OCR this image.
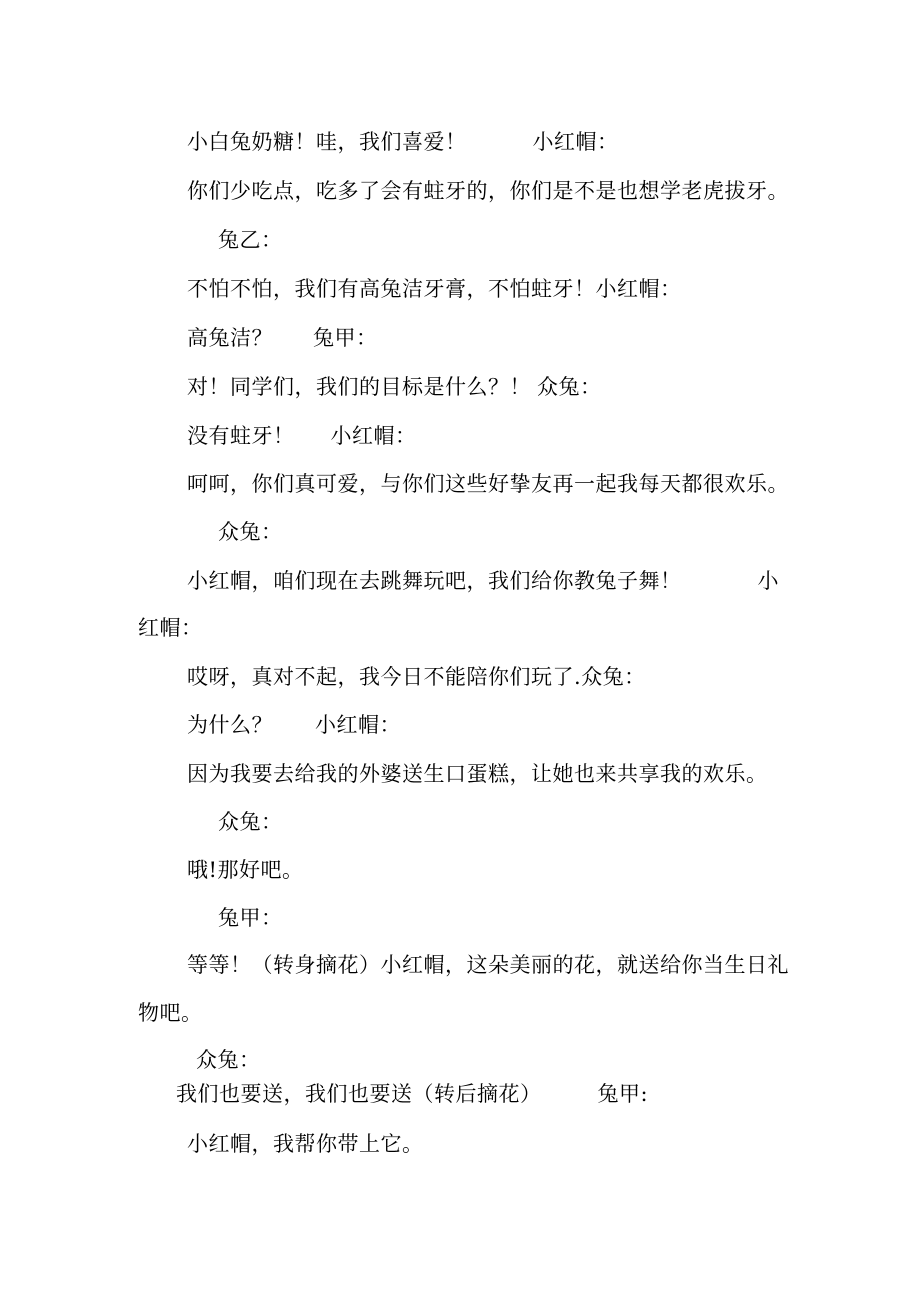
小白兔奶糖！哇，我们喜爱！	小红帽：
你们少吃点，吃多了会有蛀牙的，你们是不是也想学老虎拔牙。
兔乙：
不怕不怕，我们有高兔洁牙膏，不怕蛀牙！小红帽：
高兔洁？ 兔甲：
对！同学们，我们的目标是什么？！ 众兔：
没有蛀牙！ 小红帽：
呵呵，你们真可爱，与你们这些好挚友再一起我每天都很欢乐。
众兔：
小红帽，咱们现在去跳舞玩吧，我们给你教兔子舞！	小
红帽：
哎呀，真对不起，我今日不能陪你们玩了.众兔：
为什么？ 小红帽：
因为我要去给我的外婆送生口蛋糕，让她也来共享我的欢乐。
众兔：
哦!那好吧。
兔甲：
等等！（转身摘花）小红帽，这朵美丽的花，就送给你当生日礼
物吧。
众兔：
我们也要送，我们也要送（转后摘花）	兔甲:
小红帽，我帮你带上它。
